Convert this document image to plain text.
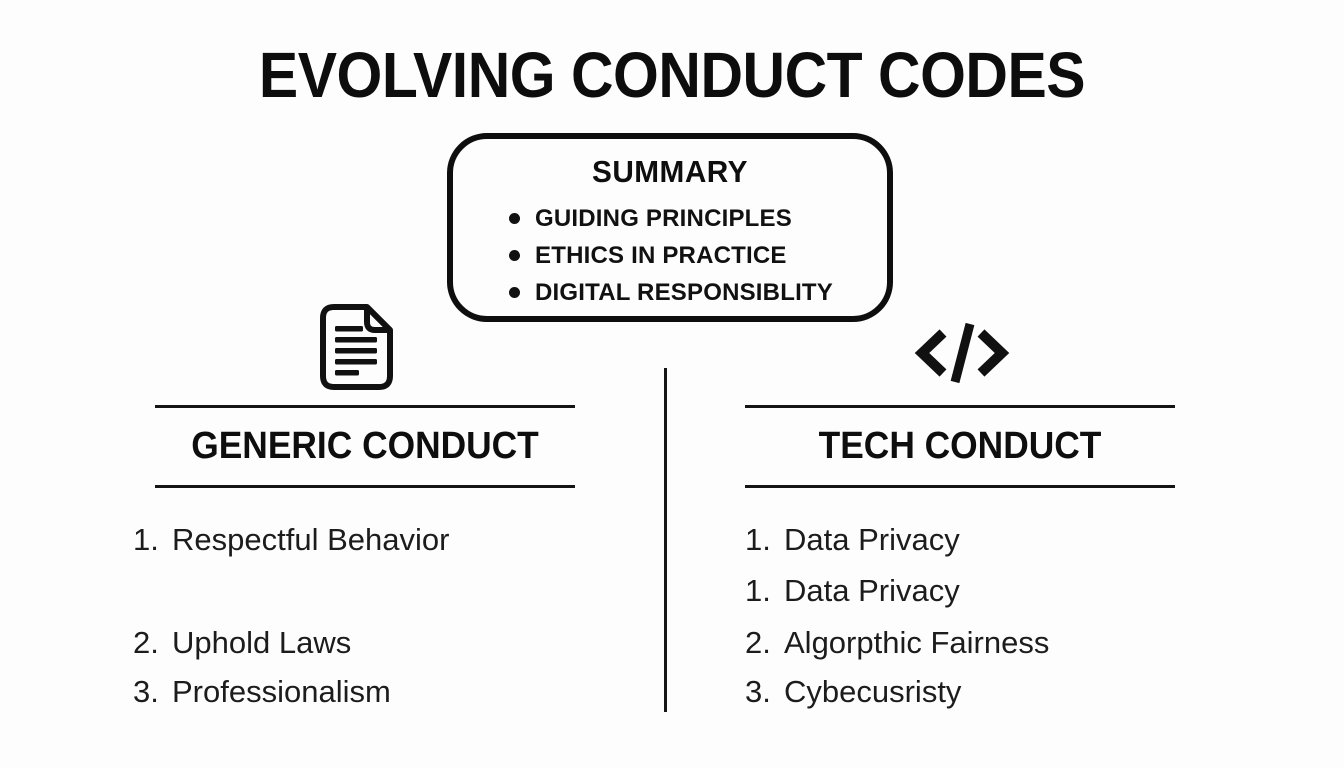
EVOLVING CONDUCT CODES
SUMMARY
GUIDING PRINCIPLES
ETHICS IN PRACTICE
DIGITAL RESPONSIBLITY
GENERIC CONDUCT	TECH CONDUCT
1. Respectful Behavior
2. Uphold Laws
3. Professionalism
1. Data Privacy
1. Data Privacy
2. Algorpthic Fairness
3. Cybecusristy
